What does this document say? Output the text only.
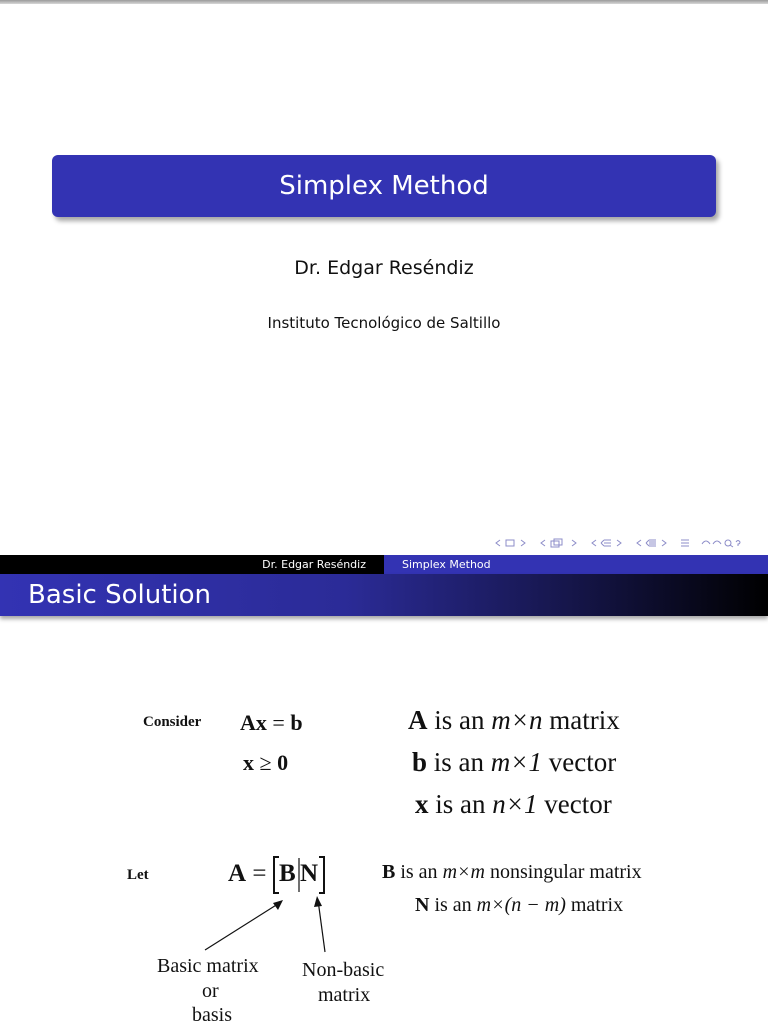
Simplex Method
Dr. Edgar Reséndiz
Instituto Tecnológico de Saltillo
Dr. Edgar Reséndiz	Simplex Method
Basic Solution
Consider Ax = b
x ≥ 0
A is an m×n matrix
b is an m×1 vector
x is an n×1 vector
Let	A = B N	B is an m×m nonsingular matrix
N is an m×(n − m) matrix
Basic matrix
or
basis
Non-basic
matrix
